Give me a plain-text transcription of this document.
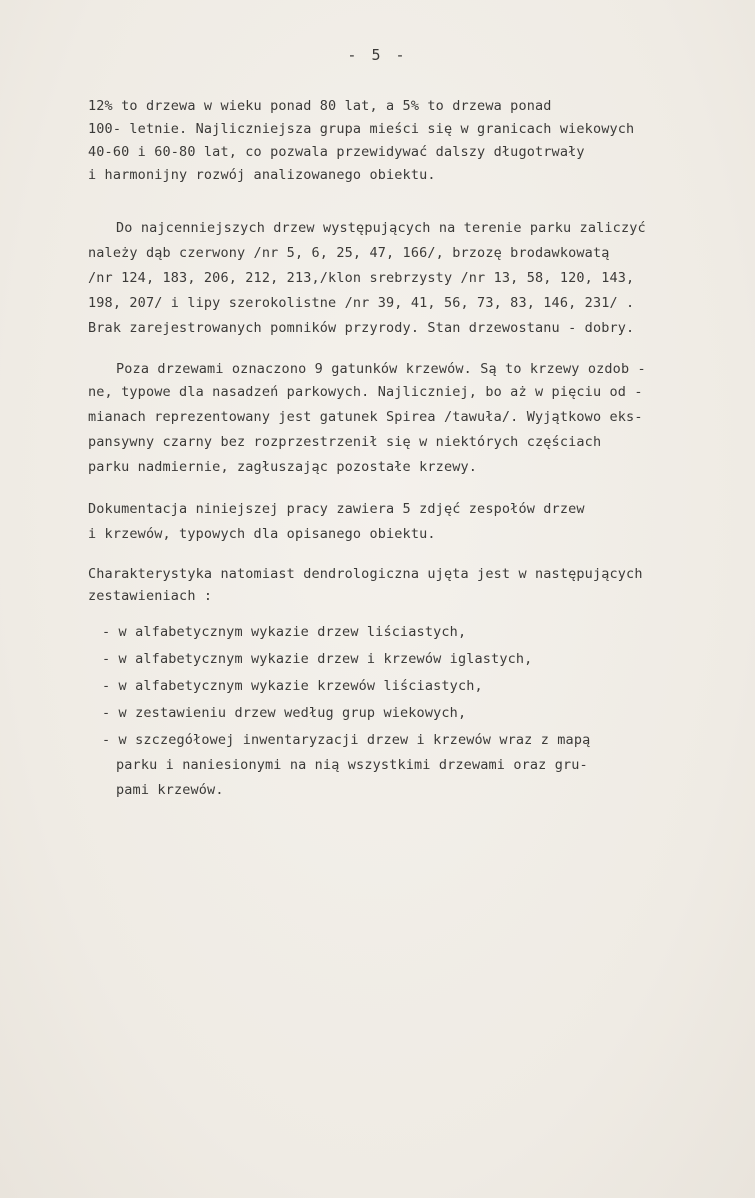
- 5 -
12% to drzewa w wieku ponad 80 lat, a 5% to drzewa ponad
100- letnie. Najliczniejsza grupa mieści się w granicach wiekowych
40-60 i 60-80 lat, co pozwala przewidywać dalszy długotrwały
i harmonijny rozwój analizowanego obiektu.
Do najcenniejszych drzew występujących na terenie parku zaliczyć
należy dąb czerwony /nr 5, 6, 25, 47, 166/, brzozę brodawkowatą
/nr 124, 183, 206, 212, 213,/klon srebrzysty /nr 13, 58, 120, 143,
198, 207/ i lipy szerokolistne /nr 39, 41, 56, 73, 83, 146, 231/ .
Brak zarejestrowanych pomników przyrody. Stan drzewostanu - dobry.
Poza drzewami oznaczono 9 gatunków krzewów. Są to krzewy ozdob -
ne, typowe dla nasadzeń parkowych. Najliczniej, bo aż w pięciu od -
mianach reprezentowany jest gatunek Spirea /tawuła/. Wyjątkowo eks-
pansywny czarny bez rozprzestrzenił się w niektórych częściach
parku nadmiernie, zagłuszając pozostałe krzewy.
Dokumentacja niniejszej pracy zawiera 5 zdjęć zespołów drzew
i krzewów, typowych dla opisanego obiektu.
Charakterystyka natomiast dendrologiczna ujęta jest w następujących
zestawieniach :
- w alfabetycznym wykazie drzew liściastych,
- w alfabetycznym wykazie drzew i krzewów iglastych,
- w alfabetycznym wykazie krzewów liściastych,
- w zestawieniu drzew według grup wiekowych,
- w szczegółowej inwentaryzacji drzew i krzewów wraz z mapą
parku i naniesionymi na nią wszystkimi drzewami oraz gru-
pami krzewów.
